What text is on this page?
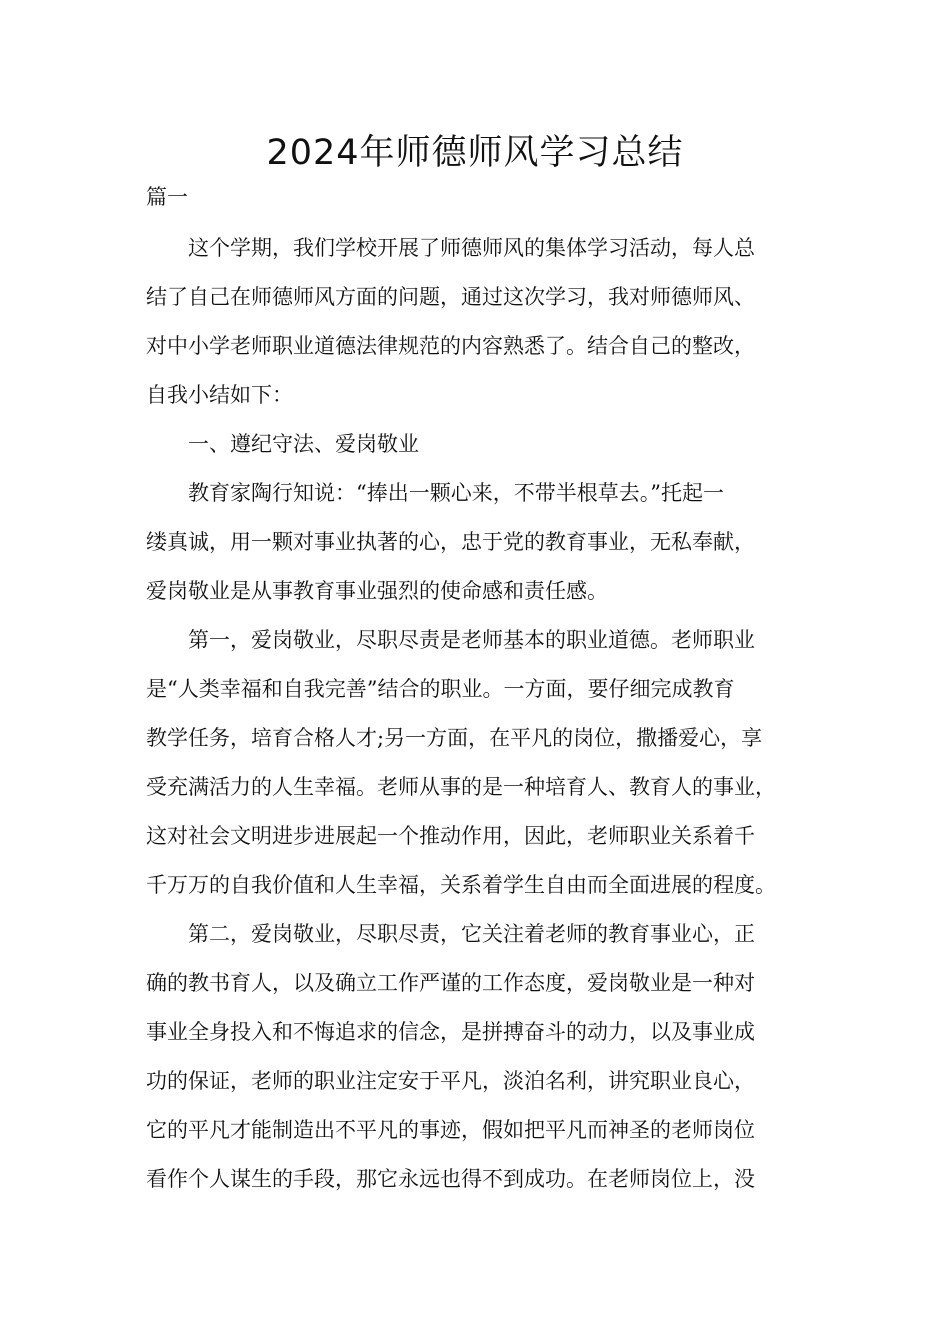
2024年师德师风学习总结
篇一

这个学期，我们学校开展了师德师风的集体学习活动，每人总
结了自己在师德师风方面的问题，通过这次学习，我对师德师风、
对中小学老师职业道德法律规范的内容熟悉了。结合自己的整改，
自我小结如下：

一、遵纪守法、爱岗敬业

教育家陶行知说：“捧出一颗心来，不带半根草去。”托起一
缕真诚，用一颗对事业执著的心，忠于党的教育事业，无私奉献，
爱岗敬业是从事教育事业强烈的使命感和责任感。

第一，爱岗敬业，尽职尽责是老师基本的职业道德。老师职业
是“人类幸福和自我完善”结合的职业。一方面，要仔细完成教育
教学任务，培育合格人才;另一方面，在平凡的岗位，撒播爱心，享
受充满活力的人生幸福。老师从事的是一种培育人、教育人的事业，
这对社会文明进步进展起一个推动作用，因此，老师职业关系着千
千万万的自我价值和人生幸福，关系着学生自由而全面进展的程度。

第二，爱岗敬业，尽职尽责，它关注着老师的教育事业心，正
确的教书育人，以及确立工作严谨的工作态度，爱岗敬业是一种对
事业全身投入和不悔追求的信念，是拼搏奋斗的动力，以及事业成
功的保证，老师的职业注定安于平凡，淡泊名利，讲究职业良心，
它的平凡才能制造出不平凡的事迹，假如把平凡而神圣的老师岗位
看作个人谋生的手段，那它永远也得不到成功。在老师岗位上，没
